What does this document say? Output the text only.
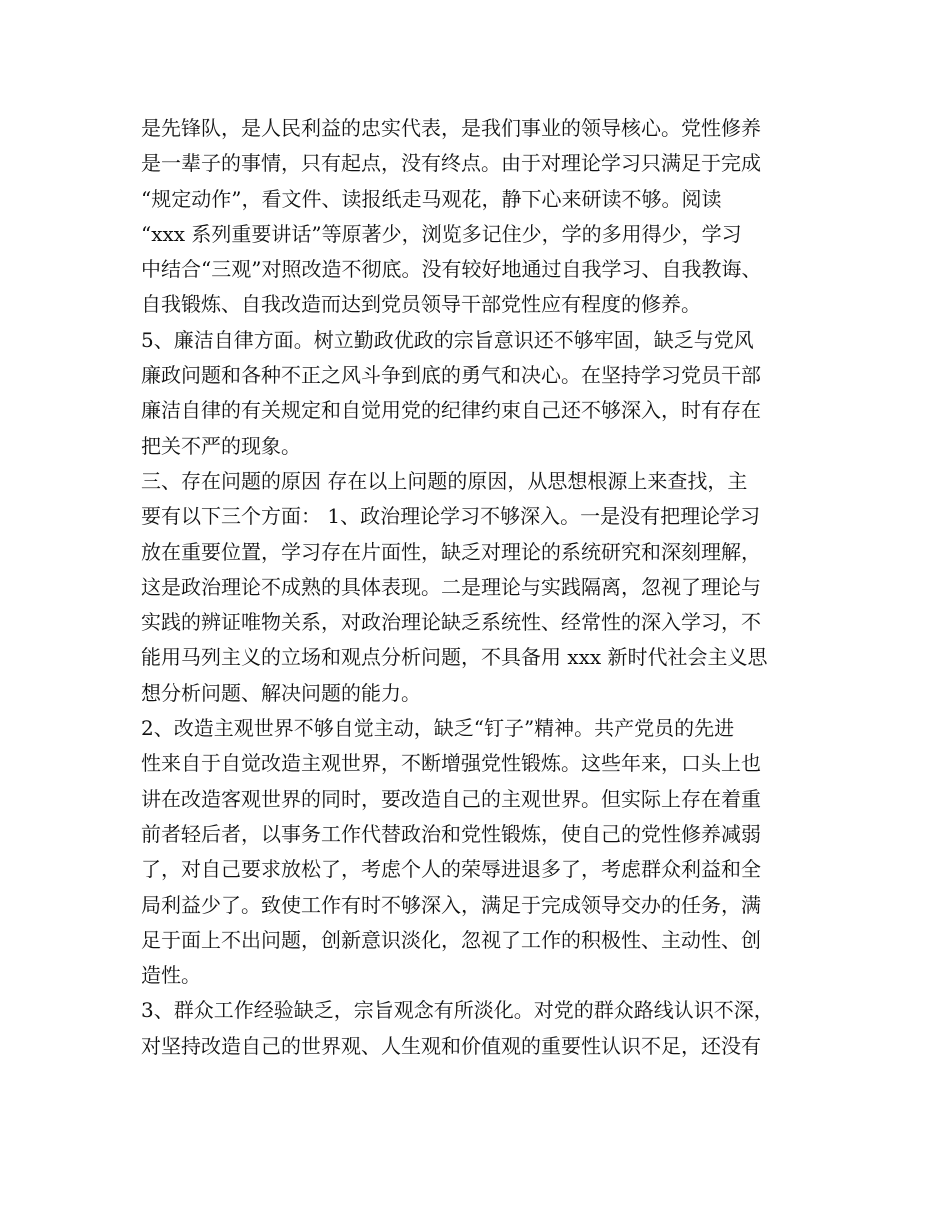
是先锋队，是人民利益的忠实代表，是我们事业的领导核心。党性修养
是一辈子的事情，只有起点，没有终点。由于对理论学习只满足于完成
“规定动作”，看文件、读报纸走马观花，静下心来研读不够。阅读
“xxx 系列重要讲话”等原著少，浏览多记住少，学的多用得少，学习
中结合“三观”对照改造不彻底。没有较好地通过自我学习、自我教诲、
自我锻炼、自我改造而达到党员领导干部党性应有程度的修养。
5、廉洁自律方面。树立勤政优政的宗旨意识还不够牢固，缺乏与党风
廉政问题和各种不正之风斗争到底的勇气和决心。在坚持学习党员干部
廉洁自律的有关规定和自觉用党的纪律约束自己还不够深入，时有存在
把关不严的现象。
三、存在问题的原因 存在以上问题的原因，从思想根源上来查找，主
要有以下三个方面： 1、政治理论学习不够深入。一是没有把理论学习
放在重要位置，学习存在片面性，缺乏对理论的系统研究和深刻理解，
这是政治理论不成熟的具体表现。二是理论与实践隔离，忽视了理论与
实践的辨证唯物关系，对政治理论缺乏系统性、经常性的深入学习，不
能用马列主义的立场和观点分析问题，不具备用 xxx 新时代社会主义思
想分析问题、解决问题的能力。
2、改造主观世界不够自觉主动，缺乏“钉子”精神。共产党员的先进
性来自于自觉改造主观世界，不断增强党性锻炼。这些年来，口头上也
讲在改造客观世界的同时，要改造自己的主观世界。但实际上存在着重
前者轻后者，以事务工作代替政治和党性锻炼，使自己的党性修养减弱
了，对自己要求放松了，考虑个人的荣辱进退多了，考虑群众利益和全
局利益少了。致使工作有时不够深入，满足于完成领导交办的任务，满
足于面上不出问题，创新意识淡化，忽视了工作的积极性、主动性、创
造性。
3、群众工作经验缺乏，宗旨观念有所淡化。对党的群众路线认识不深，
对坚持改造自己的世界观、人生观和价值观的重要性认识不足，还没有
